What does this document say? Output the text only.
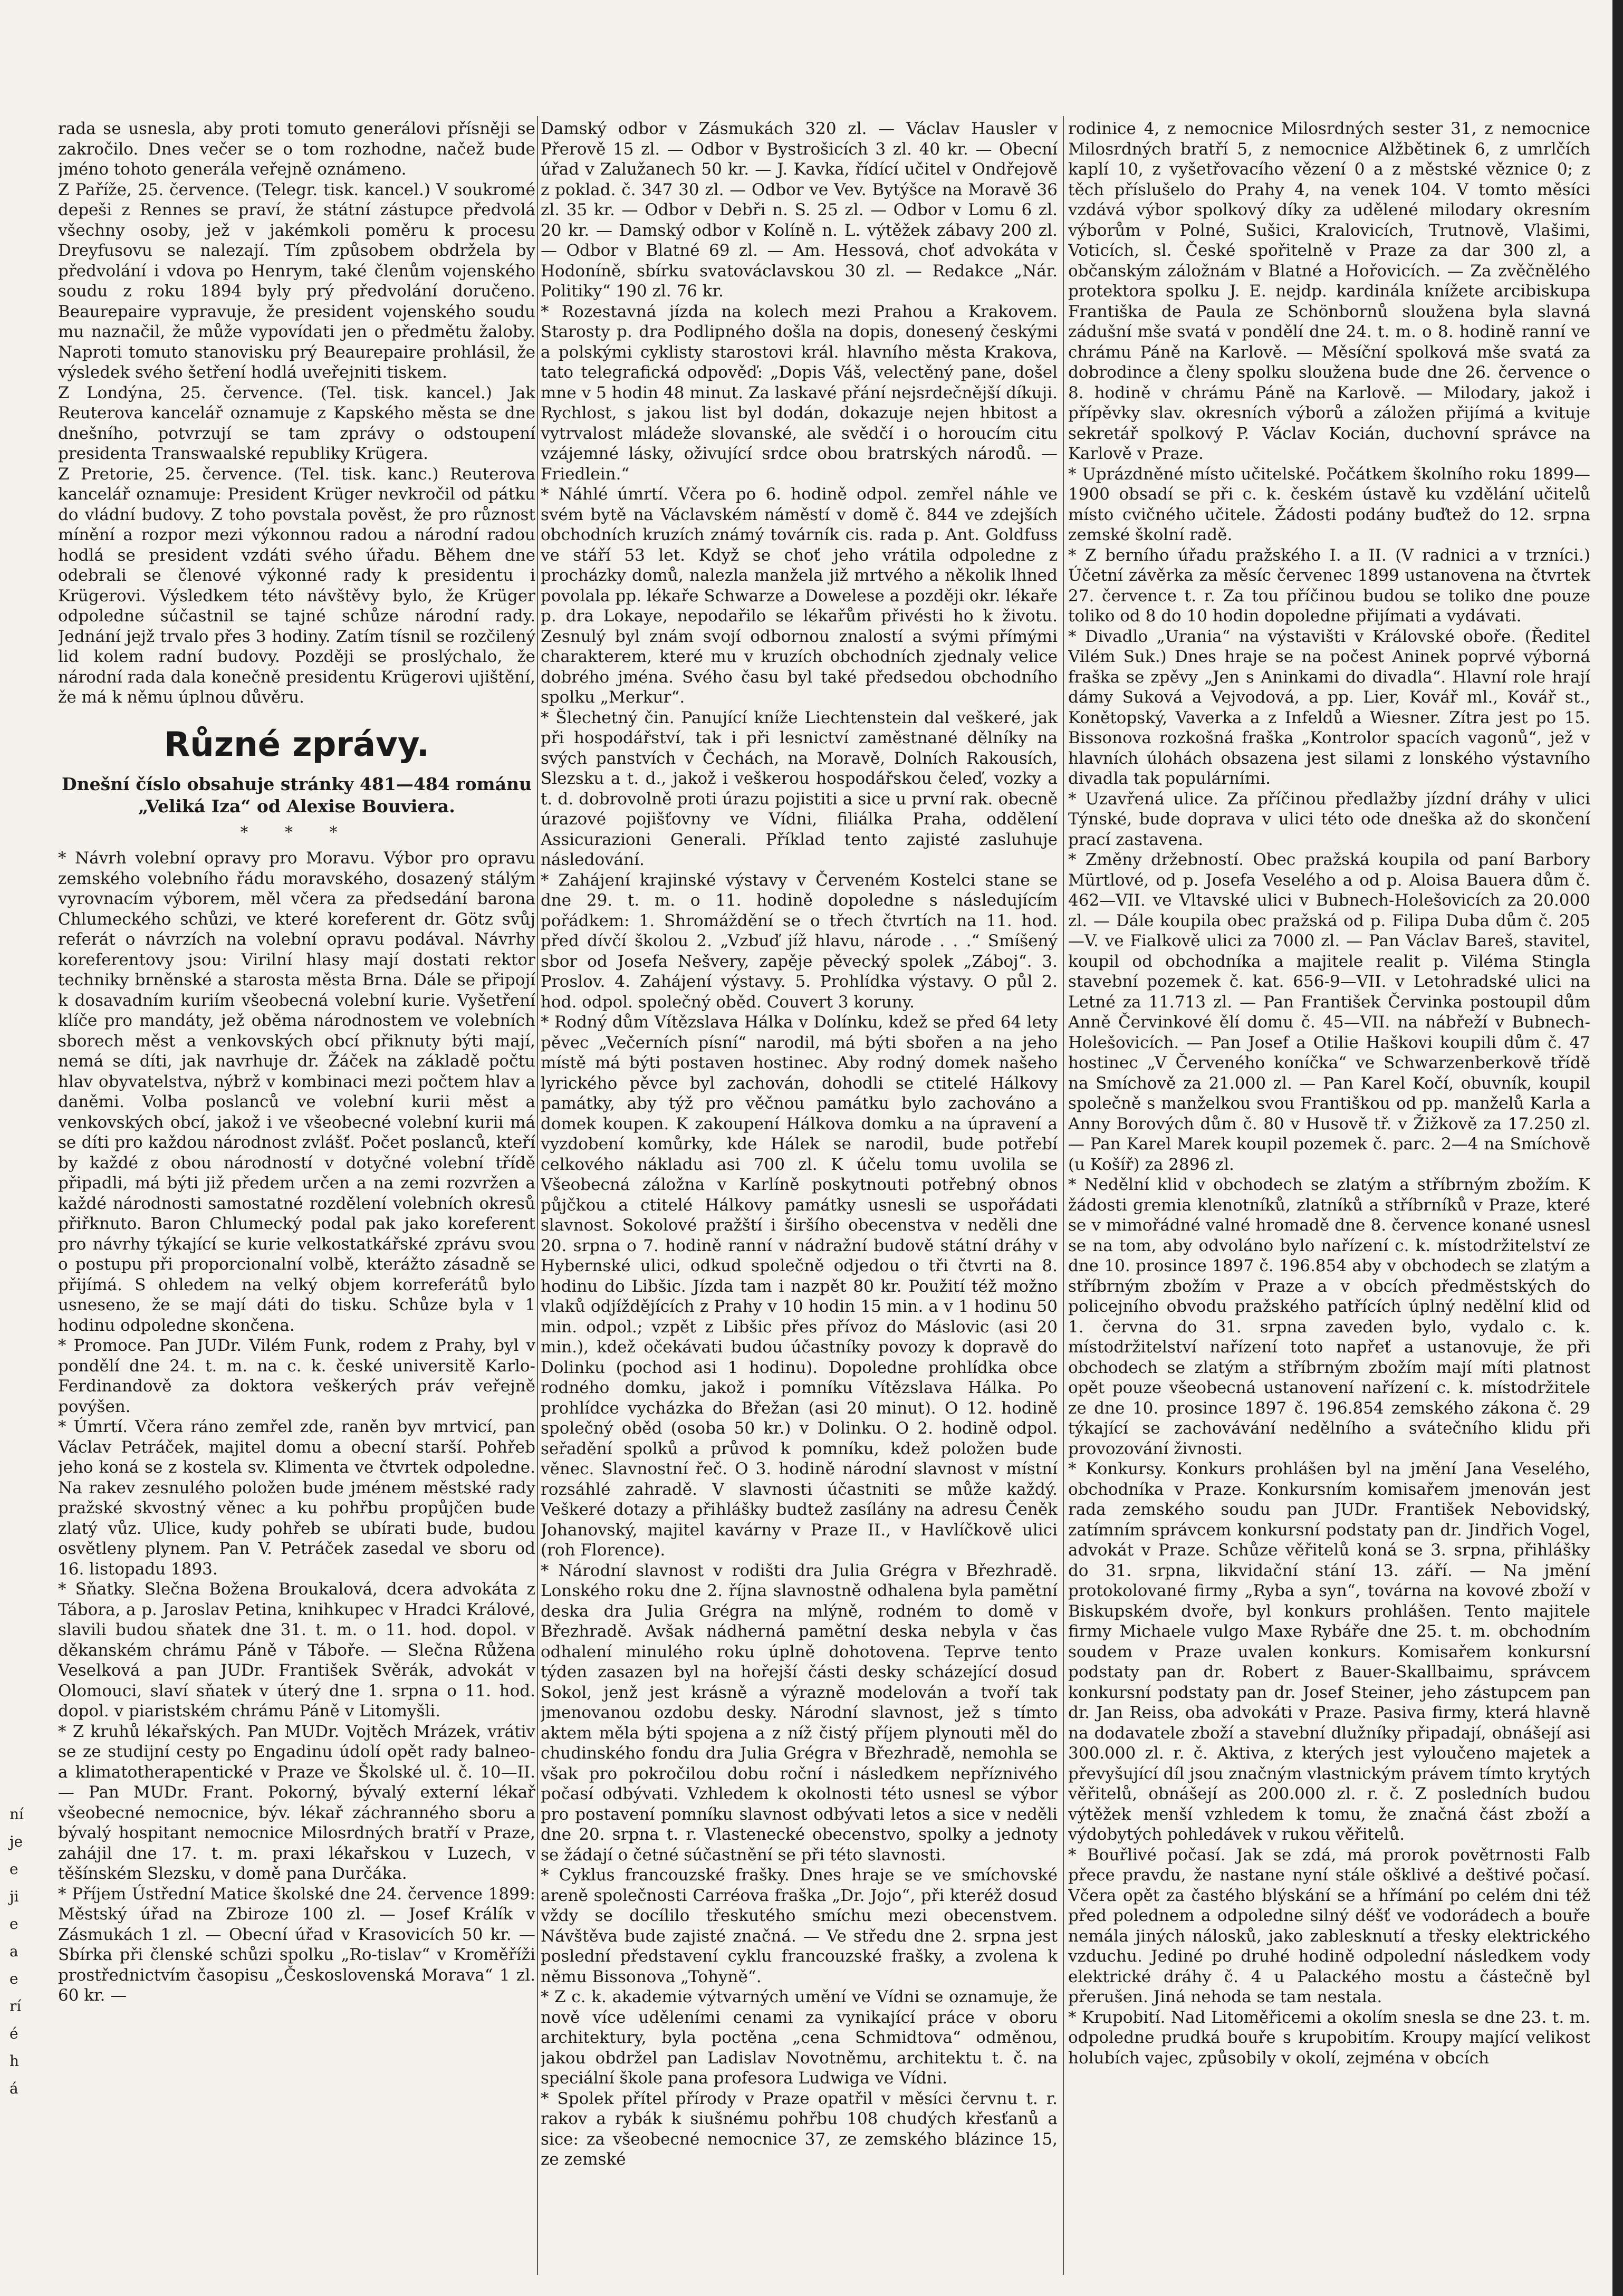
rada se usnesla, aby proti tomuto generálovi přísněji se zakročilo. Dnes večer se o tom rozhodne, načež bude jméno tohoto generála veřejně oznámeno.

Z Paříže, 25. července. (Telegr. tisk. kancel.) V soukromé depeši z Rennes se praví, že státní zástupce předvolá všechny osoby, jež v jakémkoli poměru k procesu Dreyfusovu se nalezají. Tím způsobem obdržela by předvolání i vdova po Henrym, také členům vojenského soudu z roku 1894 byly prý předvolání doručeno. Beaurepaire vypravuje, že president vojenského soudu mu naznačil, že může vypovídati jen o předmětu žaloby. Naproti tomuto stanovisku prý Beaurepaire prohlásil, že výsledek svého šetření hodlá uveřejniti tiskem.

Z Londýna, 25. července. (Tel. tisk. kancel.) Jak Reuterova kancelář oznamuje z Kapského města se dne dnešního, potvrzují se tam zprávy o odstoupení presidenta Transwaalské republiky Krügera.

Z Pretorie, 25. července. (Tel. tisk. kanc.) Reuterova kancelář oznamuje: President Krüger nevkročil od pátku do vládní budovy. Z toho povstala pověst, že pro různost mínění a rozpor mezi výkonnou radou a národní radou hodlá se president vzdáti svého úřadu. Během dne odebrali se členové výkonné rady k presidentu i Krügerovi. Výsledkem této návštěvy bylo, že Krüger odpoledne súčastnil se tajné schůze národní rady. Jednání jejž trvalo přes 3 hodiny. Zatím tísnil se rozčilený lid kolem radní budovy. Později se proslýchalo, že národní rada dala konečně presidentu Krügerovi ujištění, že má k němu úplnou důvěru.

Různé zprávy.
Dnešní číslo obsahuje stránky 481—484 románu „Veliká Iza“ od Alexise Bouviera.
* * *

* Návrh volební opravy pro Moravu. Výbor pro opravu zemského volebního řádu moravského, dosazený stálým vyrovnacím výborem, měl včera za předsedání barona Chlumeckého schůzi, ve které koreferent dr. Götz svůj referát o návrzích na volební opravu podával. Návrhy koreferentovy jsou: Virilní hlasy mají dostati rektor techniky brněnské a starosta města Brna. Dále se připojí k dosavadním kuriím všeobecná volební kurie. Vyšetření klíče pro mandáty, jež oběma národnostem ve volebních sborech měst a venkovských obcí přiknuty býti mají, nemá se díti, jak navrhuje dr. Žáček na základě počtu hlav obyvatelstva, nýbrž v kombinaci mezi počtem hlav a daněmi. Volba poslanců ve volební kurii měst a venkovských obcí, jakož i ve všeobecné volební kurii má se díti pro každou národnost zvlášť. Počet poslanců, kteří by každé z obou národností v dotyčné volební třídě připadli, má býti již předem určen a na zemi rozvržen a každé národnosti samostatné rozdělení volebních okresů přiřknuto. Baron Chlumecký podal pak jako koreferent pro návrhy týkající se kurie velkostatkářské zprávu svou o postupu při proporcionalní volbě, kterážto zásadně se přijímá. S ohledem na velký objem korreferátů bylo usneseno, že se mají dáti do tisku. Schůze byla v 1 hodinu odpoledne skončena.

* Promoce. Pan JUDr. Vilém Funk, rodem z Prahy, byl v pondělí dne 24. t. m. na c. k. české universitě Karlo-Ferdinandově za doktora veškerých práv veřejně povýšen.

* Úmrtí. Včera ráno zemřel zde, raněn byv mrtvicí, pan Václav Petráček, majitel domu a obecní starší. Pohřeb jeho koná se z kostela sv. Klimenta ve čtvrtek odpoledne. Na rakev zesnulého položen bude jménem městské rady pražské skvostný věnec a ku pohřbu propůjčen bude zlatý vůz. Ulice, kudy pohřeb se ubírati bude, budou osvětleny plynem. Pan V. Petráček zasedal ve sboru od 16. listopadu 1893.

* Sňatky. Slečna Božena Broukalová, dcera advokáta z Tábora, a p. Jaroslav Petina, knihkupec v Hradci Králové, slavili budou sňatek dne 31. t. m. o 11. hod. dopol. v děkanském chrámu Páně v Táboře. — Slečna Růžena Veselková a pan JUDr. František Svěrák, advokát v Olomouci, slaví sňatek v úterý dne 1. srpna o 11. hod. dopol. v piaristském chrámu Páně v Litomyšli.

* Z kruhů lékařských. Pan MUDr. Vojtěch Mrázek, vrátiv se ze studijní cesty po Engadinu údolí opět rady balneo- a klimatotherapentické v Praze ve Školské ul. č. 10—II. — Pan MUDr. Frant. Pokorný, bývalý externí lékař všeobecné nemocnice, býv. lékař záchranného sboru a bývalý hospitant nemocnice Milosrdných bratří v Praze, zahájil dne 17. t. m. praxi lékařskou v Luzech, v těšínském Slezsku, v domě pana Durčáka.

* Příjem Ústřední Matice školské dne 24. července 1899: Městský úřad na Zbiroze 100 zl. — Josef Králík v Zásmukách 1 zl. — Obecní úřad v Krasovicích 50 kr. — Sbírka při členské schůzi spolku „Ro-tislav“ v Kroměříži prostřednictvím časopisu „Československá Morava“ 1 zl. 60 kr. —

Damský odbor v Zásmukách 320 zl. — Václav Hausler v Přerově 15 zl. — Odbor v Bystrošicích 3 zl. 40 kr. — Obecní úřad v Zalužanech 50 kr. — J. Kavka, řídící učitel v Ondřejově z poklad. č. 347 30 zl. — Odbor ve Vev. Bytýšce na Moravě 36 zl. 35 kr. — Odbor v Debři n. S. 25 zl. — Odbor v Lomu 6 zl. 20 kr. — Damský odbor v Kolíně n. L. výtěžek zábavy 200 zl. — Odbor v Blatné 69 zl. — Am. Hessová, choť advokáta v Hodoníně, sbírku svatováclavskou 30 zl. — Redakce „Nár. Politiky“ 190 zl. 76 kr.

* Rozestavná jízda na kolech mezi Prahou a Krakovem. Starosty p. dra Podlipného došla na dopis, donesený českými a polskými cyklisty starostovi král. hlavního města Krakova, tato telegrafická odpověď: „Dopis Váš, velectěný pane, došel mne v 5 hodin 48 minut. Za laskavé přání nejsrdečnější díkuji. Rychlost, s jakou list byl dodán, dokazuje nejen hbitost a vytrvalost mládeže slovanské, ale svědčí i o horoucím citu vzájemné lásky, oživující srdce obou bratrských národů. — Friedlein.“

* Náhlé úmrtí. Včera po 6. hodině odpol. zemřel náhle ve svém bytě na Václavském náměstí v domě č. 844 ve zdejších obchodních kruzích známý továrník cis. rada p. Ant. Goldfuss ve stáří 53 let. Když se choť jeho vrátila odpoledne z procházky domů, nalezla manžela již mrtvého a několik lhned povolala pp. lékaře Schwarze a Dowelese a později okr. lékaře p. dra Lokaye, nepodařilo se lékařům přivésti ho k životu. Zesnulý byl znám svojí odbornou znalostí a svými přímými charakterem, které mu v kruzích obchodních zjednaly velice dobrého jména. Svého času byl také předsedou obchodního spolku „Merkur“.

* Šlechetný čin. Panující kníže Liechtenstein dal veškeré, jak při hospodářství, tak i při lesnictví zaměstnané dělníky na svých panstvích v Čechách, na Moravě, Dolních Rakousích, Slezsku a t. d., jakož i veškerou hospodářskou čeleď, vozky a t. d. dobrovolně proti úrazu pojistiti a sice u první rak. obecně úrazové pojišťovny ve Vídni, filiálka Praha, oddělení Assicurazioni Generali. Příklad tento zajisté zasluhuje následování.

* Zahájení krajinské výstavy v Červeném Kostelci stane se dne 29. t. m. o 11. hodině dopoledne s následujícím pořádkem: 1. Shromáždění se o třech čtvrtích na 11. hod. před dívčí školou 2. „Vzbuď jíž hlavu, národe . . .“ Smíšený sbor od Josefa Nešvery, zapěje pěvecký spolek „Záboj“. 3. Proslov. 4. Zahájení výstavy. 5. Prohlídka výstavy. O půl 2. hod. odpol. společný oběd. Couvert 3 koruny.

* Rodný dům Vítězslava Hálka v Dolínku, kdež se před 64 lety pěvec „Večerních písní“ narodil, má býti sbořen a na jeho místě má býti postaven hostinec. Aby rodný domek našeho lyrického pěvce byl zachován, dohodli se ctitelé Hálkovy památky, aby týž pro věčnou památku bylo zachováno a domek koupen. K zakoupení Hálkova domku a na úpravení a vyzdobení komůrky, kde Hálek se narodil, bude potřebí celkového nákladu asi 700 zl. K účelu tomu uvolila se Všeobecná záložna v Karlíně poskytnouti potřebný obnos půjčkou a ctitelé Hálkovy památky usnesli se uspořádati slavnost. Sokolové pražští i širšího obecenstva v neděli dne 20. srpna o 7. hodině ranní v nádražní budově státní dráhy v Hybernské ulici, odkud společně odjedou o tři čtvrti na 8. hodinu do Libšic. Jízda tam i nazpět 80 kr. Použití též možno vlaků odjíždějících z Prahy v 10 hodin 15 min. a v 1 hodinu 50 min. odpol.; vzpět z Libšic přes přívoz do Máslovic (asi 20 min.), kdež očekávati budou účastníky povozy k dopravě do Dolinku (pochod asi 1 hodinu). Dopoledne prohlídka obce rodného domku, jakož i pomníku Vítězslava Hálka. Po prohlídce vycházka do Břežan (asi 20 minut). O 12. hodině společný oběd (osoba 50 kr.) v Dolinku. O 2. hodině odpol. seřadění spolků a průvod k pomníku, kdež položen bude věnec. Slavnostní řeč. O 3. hodině národní slavnost v místní rozsáhlé zahradě. V slavnosti účastniti se může každý. Veškeré dotazy a přihlášky budtež zasílány na adresu Čeněk Johanovský, majitel kavárny v Praze II., v Havlíčkově ulici (roh Florence).

* Národní slavnost v rodišti dra Julia Grégra v Březhradě. Lonského roku dne 2. října slavnostně odhalena byla pamětní deska dra Julia Grégra na mlýně, rodném to domě v Březhradě. Avšak nádherná pamětní deska nebyla v čas odhalení minulého roku úplně dohotovena. Teprve tento týden zasazen byl na hořejší části desky scházející dosud Sokol, jenž jest krásně a výrazně modelován a tvoří tak jmenovanou ozdobu desky. Národní slavnost, jež s tímto aktem měla býti spojena a z níž čistý příjem plynouti měl do chudinského fondu dra Julia Grégra v Březhradě, nemohla se však pro pokročilou dobu roční i následkem nepříznivého počasí odbývati. Vzhledem k okolnosti této usnesl se výbor pro postavení pomníku slavnost odbývati letos a sice v neděli dne 20. srpna t. r. Vlastenecké obecenstvo, spolky a jednoty se žádají o četné súčastnění se při této slavnosti.

* Cyklus francouzské frašky. Dnes hraje se ve smíchovské areně společnosti Carréova fraška „Dr. Jojo“, při kteréž dosud vždy se docílilo třeskutého smíchu mezi obecenstvem. Návštěva bude zajisté značná. — Ve středu dne 2. srpna jest poslední představení cyklu francouzské frašky, a zvolena k němu Bissonova „Tohyně“.

* Z c. k. akademie výtvarných umění ve Vídni se oznamuje, že nově více uděleními cenami za vynikající práce v oboru architektury, byla poctěna „cena Schmidtova“ odměnou, jakou obdržel pan Ladislav Novotněmu, architektu t. č. na speciální škole pana profesora Ludwiga ve Vídni.

* Spolek přítel přírody v Praze opatřil v měsíci červnu t. r. rakov a rybák k siušnému pohřbu 108 chudých křesťanů a sice: za všeobecné nemocnice 37, ze zemského blázince 15, ze zemské

rodinice 4, z nemocnice Milosrdných sester 31, z nemocnice Milosrdných bratří 5, z nemocnice Alžbětinek 6, z umrlčích kaplí 10, z vyšetřovacího vězení 0 a z městské věznice 0; z těch příslušelo do Prahy 4, na venek 104. V tomto měsíci vzdává výbor spolkový díky za udělené milodary okresním výborům v Polné, Sušici, Kralovicích, Trutnově, Vlašimi, Voticích, sl. České spořitelně v Praze za dar 300 zl, a občanským záložnám v Blatné a Hořovicích. — Za zvěčnělého protektora spolku J. E. nejdp. kardinála knížete arcibiskupa Františka de Paula ze Schönbornů sloužena byla slavná zádušní mše svatá v pondělí dne 24. t. m. o 8. hodině ranní ve chrámu Páně na Karlově. — Měsíční spolková mše svatá za dobrodince a členy spolku sloužena bude dne 26. července o 8. hodině v chrámu Páně na Karlově. — Milodary, jakož i přípěvky slav. okresních výborů a záložen přijímá a kvituje sekretář spolkový P. Václav Kocián, duchovní správce na Karlově v Praze.

* Uprázdněné místo učitelské. Počátkem školního roku 1899—1900 obsadí se při c. k. českém ústavě ku vzdělání učitelů místo cvičného učitele. Žádosti podány buďtež do 12. srpna zemské školní radě.

* Z berního úřadu pražského I. a II. (V radnici a v trzníci.) Účetní závěrka za měsíc červenec 1899 ustanovena na čtvrtek 27. července t. r. Za tou příčinou budou se toliko dne pouze toliko od 8 do 10 hodin dopoledne přijímati a vydávati.

* Divadlo „Urania“ na výstavišti v Královské oboře. (Ředitel Vilém Suk.) Dnes hraje se na počest Aninek poprvé výborná fraška se zpěvy „Jen s Aninkami do divadla“. Hlavní role hrají dámy Suková a Vejvodová, a pp. Lier, Kovář ml., Kovář st., Konětopský, Vaverka a z Infeldů a Wiesner. Zítra jest po 15. Bissonova rozkošná fraška „Kontrolor spacích vagonů“, jež v hlavních úlohách obsazena jest silami z lonského výstavního divadla tak populárními.

* Uzavřená ulice. Za příčinou předlažby jízdní dráhy v ulici Týnské, bude doprava v ulici této ode dneška až do skončení prací zastavena.

* Změny držebností. Obec pražská koupila od paní Barbory Mürtlové, od p. Josefa Veselého a od p. Aloisa Bauera dům č. 462—VII. ve Vltavské ulici v Bubnech-Holešovicích za 20.000 zl. — Dále koupila obec pražská od p. Filipa Duba dům č. 205—V. ve Fialkově ulici za 7000 zl. — Pan Václav Bareš, stavitel, koupil od obchodníka a majitele realit p. Viléma Stingla stavební pozemek č. kat. 656-9—VII. v Letohradské ulici na Letné za 11.713 zl. — Pan František Červinka postoupil dům Anně Červinkové ělí domu č. 45—VII. na nábřeží v Bubnech-Holešovicích. — Pan Josef a Otilie Haškovi koupili dům č. 47 hostinec „V Červeného koníčka“ ve Schwarzenberkově třídě na Smíchově za 21.000 zl. — Pan Karel Kočí, obuvník, koupil společně s manželkou svou Františkou od pp. manželů Karla a Anny Borových dům č. 80 v Husově tř. v Žižkově za 17.250 zl. — Pan Karel Marek koupil pozemek č. parc. 2—4 na Smíchově (u Košíř) za 2896 zl.

* Nedělní klid v obchodech se zlatým a stříbrným zbožím. K žádosti gremia klenotníků, zlatníků a stříbrníků v Praze, které se v mimořádné valné hromadě dne 8. července konané usnesl se na tom, aby odvoláno bylo nařízení c. k. místodržitelství ze dne 10. prosince 1897 č. 196.854 aby v obchodech se zlatým a stříbrným zbožím v Praze a v obcích předměstských do policejního obvodu pražského patřících úplný nedělní klid od 1. června do 31. srpna zaveden bylo, vydalo c. k. místodržitelství nařízení toto napřeť a ustanovuje, že při obchodech se zlatým a stříbrným zbožím mají míti platnost opět pouze všeobecná ustanovení nařízení c. k. místodržitele ze dne 10. prosince 1897 č. 196.854 zemského zákona č. 29 týkající se zachovávání nedělního a svátečního klidu při provozování živnosti.

* Konkursy. Konkurs prohlášen byl na jmění Jana Veselého, obchodníka v Praze. Konkursním komisařem jmenován jest rada zemského soudu pan JUDr. František Nebovidský, zatímním správcem konkursní podstaty pan dr. Jindřich Vogel, advokát v Praze. Schůze věřitelů koná se 3. srpna, přihlášky do 31. srpna, likvidační stání 13. září. — Na jmění protokolované firmy „Ryba a syn“, továrna na kovové zboží v Biskupském dvoře, byl konkurs prohlášen. Tento majitele firmy Michaele vulgo Maxe Rybáře dne 25. t. m. obchodním soudem v Praze uvalen konkurs. Komisařem konkursní podstaty pan dr. Robert z Bauer-Skallbaimu, správcem konkursní podstaty pan dr. Josef Steiner, jeho zástupcem pan dr. Jan Reiss, oba advokáti v Praze. Pasiva firmy, která hlavně na dodavatele zboží a stavební dlužníky připadají, obnášejí asi 300.000 zl. r. č. Aktiva, z kterých jest vyloučeno majetek a převyšující díl jsou značným vlastnickým právem tímto krytých věřitelů, obnášejí as 200.000 zl. r. č. Z posledních budou výtěžek menší vzhledem k tomu, že značná část zboží a výdobytých pohledávek v rukou věřitelů.

* Bouřlivé počasí. Jak se zdá, má prorok povětrnosti Falb přece pravdu, že nastane nyní stále ošklivé a deštivé počasí. Včera opět za častého blýskání se a hřímání po celém dni též před polednem a odpoledne silný déšť ve vodorádech a bouře nemála jiných nálosků, jako zablesknutí a třesky elektrického vzduchu. Jediné po druhé hodině odpolední následkem vody elektrické dráhy č. 4 u Palackého mostu a částečně byl přerušen. Jiná nehoda se tam nestala.

* Krupobití. Nad Litoměřicemi a okolím snesla se dne 23. t. m. odpoledne prudká bouře s krupobitím. Kroupy mající velikost holubích vajec, způsobily v okolí, zejména v obcích

ní
je
e
ji
e
a
e
rí
é
h
á
